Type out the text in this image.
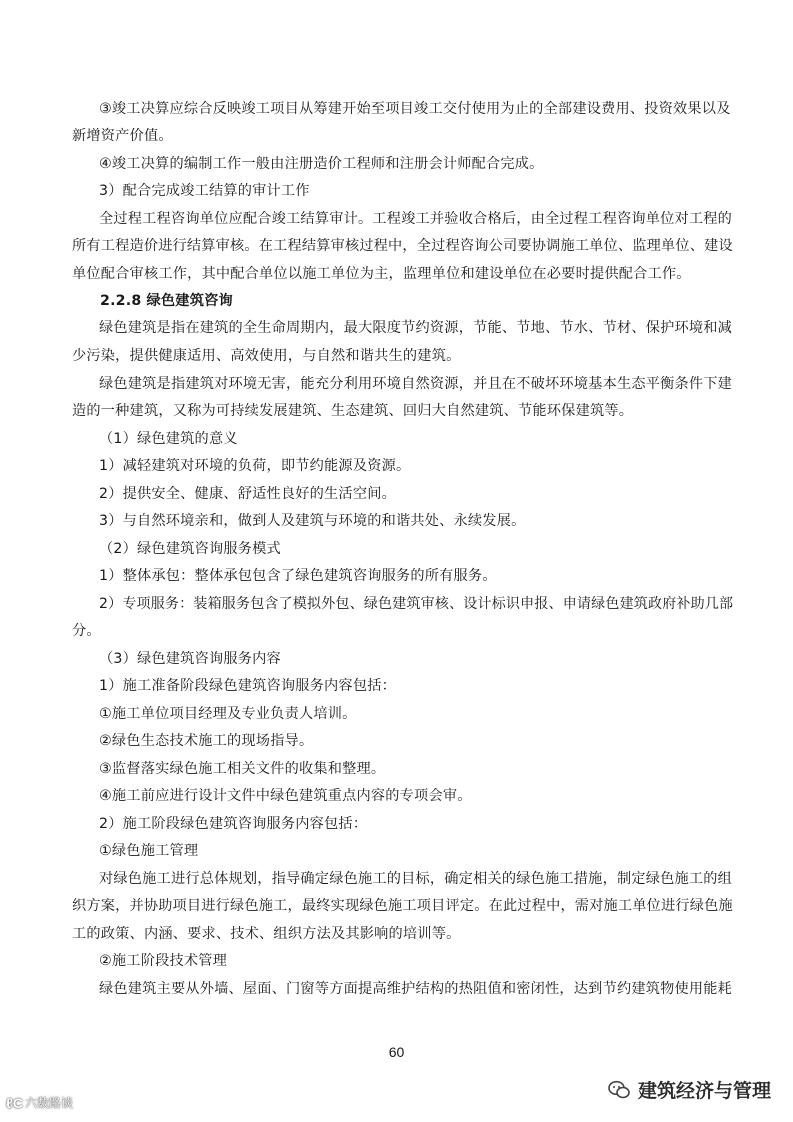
③竣工决算应综合反映竣工项目从筹建开始至项目竣工交付使用为止的全部建设费用、投资效果以及
新增资产价值。
④竣工决算的编制工作一般由注册造价工程师和注册会计师配合完成。
3）配合完成竣工结算的审计工作
全过程工程咨询单位应配合竣工结算审计。工程竣工并验收合格后，由全过程工程咨询单位对工程的
所有工程造价进行结算审核。在工程结算审核过程中，全过程咨询公司要协调施工单位、监理单位、建设
单位配合审核工作，其中配合单位以施工单位为主，监理单位和建设单位在必要时提供配合工作。
2.2.8 绿色建筑咨询
绿色建筑是指在建筑的全生命周期内，最大限度节约资源，节能、节地、节水、节材、保护环境和减
少污染，提供健康适用、高效使用，与自然和谐共生的建筑。
绿色建筑是指建筑对环境无害，能充分利用环境自然资源，并且在不破坏环境基本生态平衡条件下建
造的一种建筑，又称为可持续发展建筑、生态建筑、回归大自然建筑、节能环保建筑等。
（1）绿色建筑的意义
1）减轻建筑对环境的负荷，即节约能源及资源。
2）提供安全、健康、舒适性良好的生活空间。
3）与自然环境亲和，做到人及建筑与环境的和谐共处、永续发展。
（2）绿色建筑咨询服务模式
1）整体承包：整体承包包含了绿色建筑咨询服务的所有服务。
2）专项服务：装箱服务包含了模拟外包、绿色建筑审核、设计标识申报、申请绿色建筑政府补助几部
分。
（3）绿色建筑咨询服务内容
1）施工准备阶段绿色建筑咨询服务内容包括：
①施工单位项目经理及专业负责人培训。
②绿色生态技术施工的现场指导。
③监督落实绿色施工相关文件的收集和整理。
④施工前应进行设计文件中绿色建筑重点内容的专项会审。
2）施工阶段绿色建筑咨询服务内容包括：
①绿色施工管理
对绿色施工进行总体规划，指导确定绿色施工的目标，确定相关的绿色施工措施，制定绿色施工的组
织方案，并协助项目进行绿色施工，最终实现绿色施工项目评定。在此过程中，需对施工单位进行绿色施
工的政策、内涵、要求、技术、组织方法及其影响的培训等。
②施工阶段技术管理
绿色建筑主要从外墙、屋面、门窗等方面提高维护结构的热阻值和密闭性，达到节约建筑物使用能耗
60
ℓC 六数路谈
建筑经济与管理
